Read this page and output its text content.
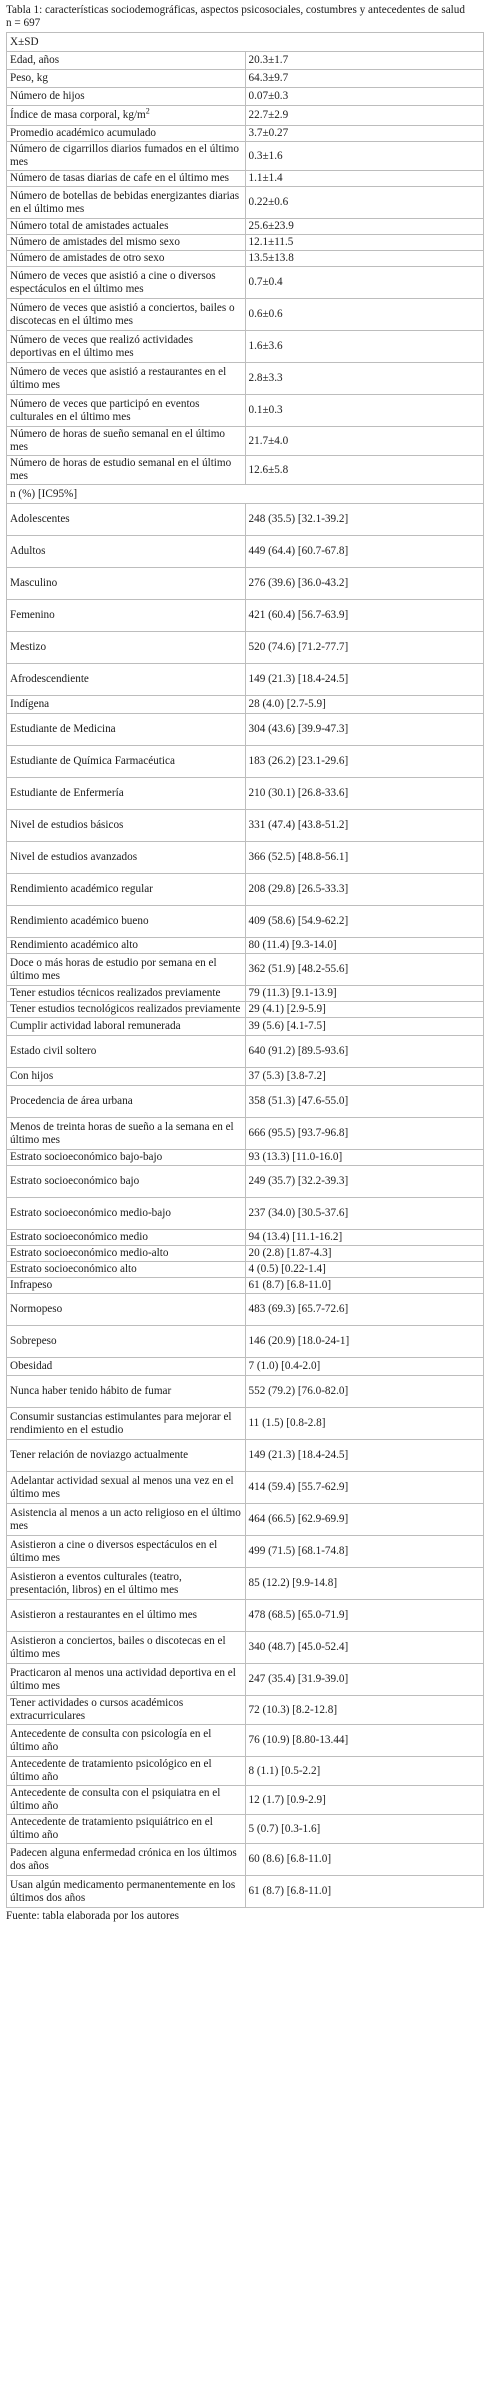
Tabla 1: características sociodemográficas, aspectos psicosociales, costumbres y antecedentes de salud
n = 697
X±SD	
Edad, años	20.3±1.7
Peso, kg	64.3±9.7
Número de hijos	0.07±0.3
Índice de masa corporal, $kg/m^2$	22.7±2.9
Promedio académico acumulado	3.7±0.27
Número de cigarrillos diarios fumados en el último mes	0.3±1.6
Número de tasas diarias de cafe en el último mes	1.1±1.4
Número de botellas de bebidas energizantes diarias en el último mes	0.22±0.6
Número total de amistades actuales	25.6±23.9
Número de amistades del mismo sexo	12.1±11.5
Número de amistades de otro sexo	13.5±13.8
Número de veces que asistió a cine o diversos espectáculos en el último mes	0.7±0.4
Número de veces que asistió a conciertos, bailes o discotecas en el último mes	0.6±0.6
Número de veces que realizó actividades deportivas en el último mes	1.6±3.6
Número de veces que asistió a restaurantes en el último mes	2.8±3.3
Número de veces que participó en eventos culturales en el último mes	0.1±0.3
Número de horas de sueño semanal en el último mes	21.7±4.0
Número de horas de estudio semanal en el último mes	12.6±5.8
n (%) [IC95%]	
Adolescentes	248 (35.5) [32.1-39.2]
Adultos	449 (64.4) [60.7-67.8]
Masculino	276 (39.6) [36.0-43.2]
Femenino	421 (60.4) [56.7-63.9]
Mestizo	520 (74.6) [71.2-77.7]
Afrodescendiente	149 (21.3) [18.4-24.5]
Indígena	28 (4.0) [2.7-5.9]
Estudiante de Medicina	304 (43.6) [39.9-47.3]
Estudiante de Química Farmacéutica	183 (26.2) [23.1-29.6]
Estudiante de Enfermería	210 (30.1) [26.8-33.6]
Nivel de estudios básicos	331 (47.4) [43.8-51.2]
Nivel de estudios avanzados	366 (52.5) [48.8-56.1]
Rendimiento académico regular	208 (29.8) [26.5-33.3]
Rendimiento académico bueno	409 (58.6) [54.9-62.2]
Rendimiento académico alto	80 (11.4) [9.3-14.0]
Doce o más horas de estudio por semana en el último mes	362 (51.9) [48.2-55.6]
Tener estudios técnicos realizados previamente	79 (11.3) [9.1-13.9]
Tener estudios tecnológicos realizados previamente	29 (4.1) [2.9-5.9]
Cumplir actividad laboral remunerada	39 (5.6) [4.1-7.5]
Estado civil soltero	640 (91.2) [89.5-93.6]
Con hijos	37 (5.3) [3.8-7.2]
Procedencia de área urbana	358 (51.3) [47.6-55.0]
Menos de treinta horas de sueño a la semana en el último mes	666 (95.5) [93.7-96.8]
Estrato socioeconómico bajo-bajo	93 (13.3) [11.0-16.0]
Estrato socioeconómico bajo	249 (35.7) [32.2-39.3]
Estrato socioeconómico medio-bajo	237 (34.0) [30.5-37.6]
Estrato socioeconómico medio	94 (13.4) [11.1-16.2]
Estrato socioeconómico medio-alto	20 (2.8) [1.87-4.3]
Estrato socioeconómico alto	4 (0.5) [0.22-1.4]
Infrapeso	61 (8.7) [6.8-11.0]
Normopeso	483 (69.3) [65.7-72.6]
Sobrepeso	146 (20.9) [18.0-24-1]
Obesidad	7 (1.0) [0.4-2.0]
Nunca haber tenido hábito de fumar	552 (79.2) [76.0-82.0]
Consumir sustancias estimulantes para mejorar el rendimiento en el estudio	11 (1.5) [0.8-2.8]
Tener relación de noviazgo actualmente	149 (21.3) [18.4-24.5]
Adelantar actividad sexual al menos una vez en el último mes	414 (59.4) [55.7-62.9]
Asistencia al menos a un acto religioso en el último mes	464 (66.5) [62.9-69.9]
Asistieron a cine o diversos espectáculos en el último mes	499 (71.5) [68.1-74.8]
Asistieron a eventos culturales (teatro, presentación, libros) en el último mes	85 (12.2) [9.9-14.8]
Asistieron a restaurantes en el último mes	478 (68.5) [65.0-71.9]
Asistieron a conciertos, bailes o discotecas en el último mes	340 (48.7) [45.0-52.4]
Practicaron al menos una actividad deportiva en el último mes	247 (35.4) [31.9-39.0]
Tener actividades o cursos académicos extracurriculares	72 (10.3) [8.2-12.8]
Antecedente de consulta con psicología en el último año	76 (10.9) [8.80-13.44]
Antecedente de tratamiento psicológico en el último año	8 (1.1) [0.5-2.2]
Antecedente de consulta con el psiquiatra en el último año	12 (1.7) [0.9-2.9]
Antecedente de tratamiento psiquiátrico en el último año	5 (0.7) [0.3-1.6]
Padecen alguna enfermedad crónica en los últimos dos años	60 (8.6) [6.8-11.0]
Usan algún medicamento permanentemente en los últimos dos años	61 (8.7) [6.8-11.0]
Fuente: tabla elaborada por los autores
